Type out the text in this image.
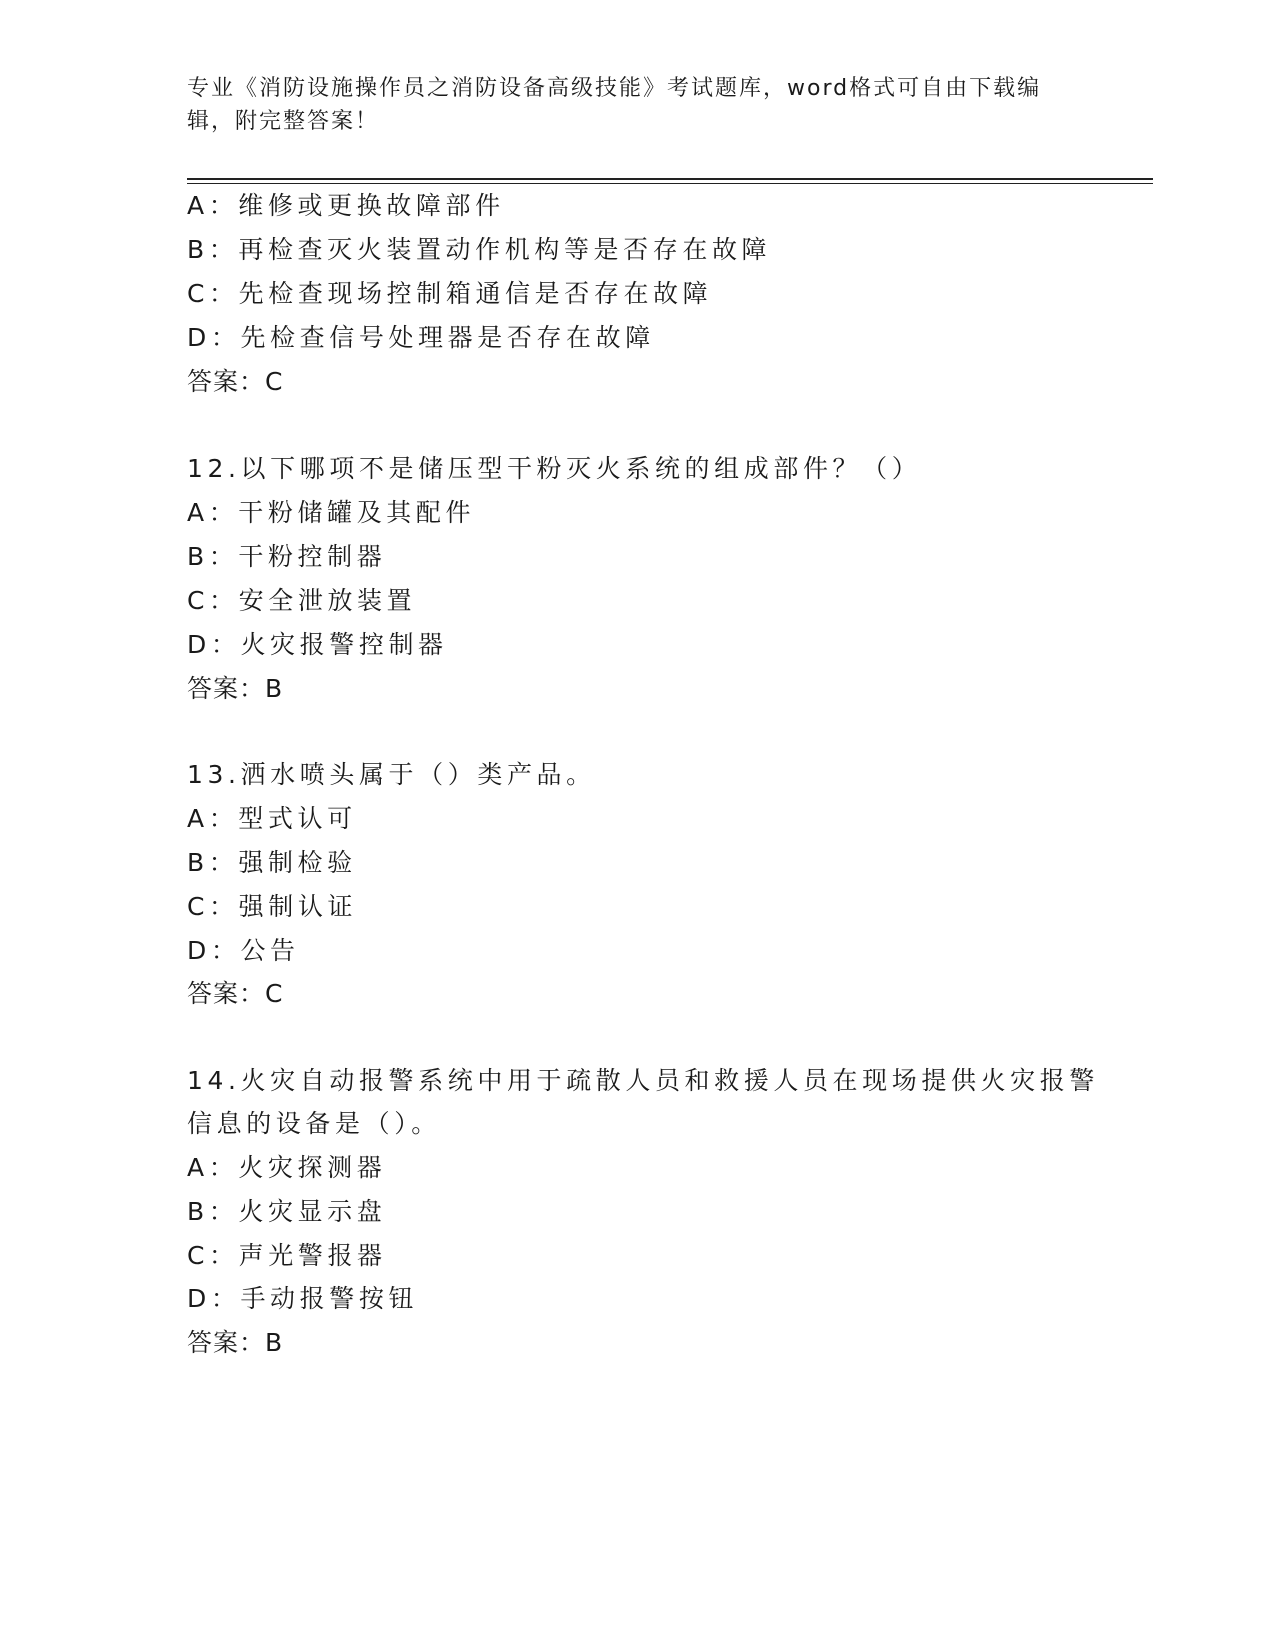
专业《消防设施操作员之消防设备高级技能》考试题库，word格式可自由下载编
辑，附完整答案！
A：维修或更换故障部件
B：再检查灭火装置动作机构等是否存在故障
C：先检查现场控制箱通信是否存在故障
D：先检查信号处理器是否存在故障
答案：C
12.以下哪项不是储压型干粉灭火系统的组成部件？（）
A：干粉储罐及其配件
B：干粉控制器
C：安全泄放装置
D：火灾报警控制器
答案：B
13.洒水喷头属于（）类产品。
A：型式认可
B：强制检验
C：强制认证
D：公告
答案：C
14.火灾自动报警系统中用于疏散人员和救援人员在现场提供火灾报警
信息的设备是（）。
A：火灾探测器
B：火灾显示盘
C：声光警报器
D：手动报警按钮
答案：B
